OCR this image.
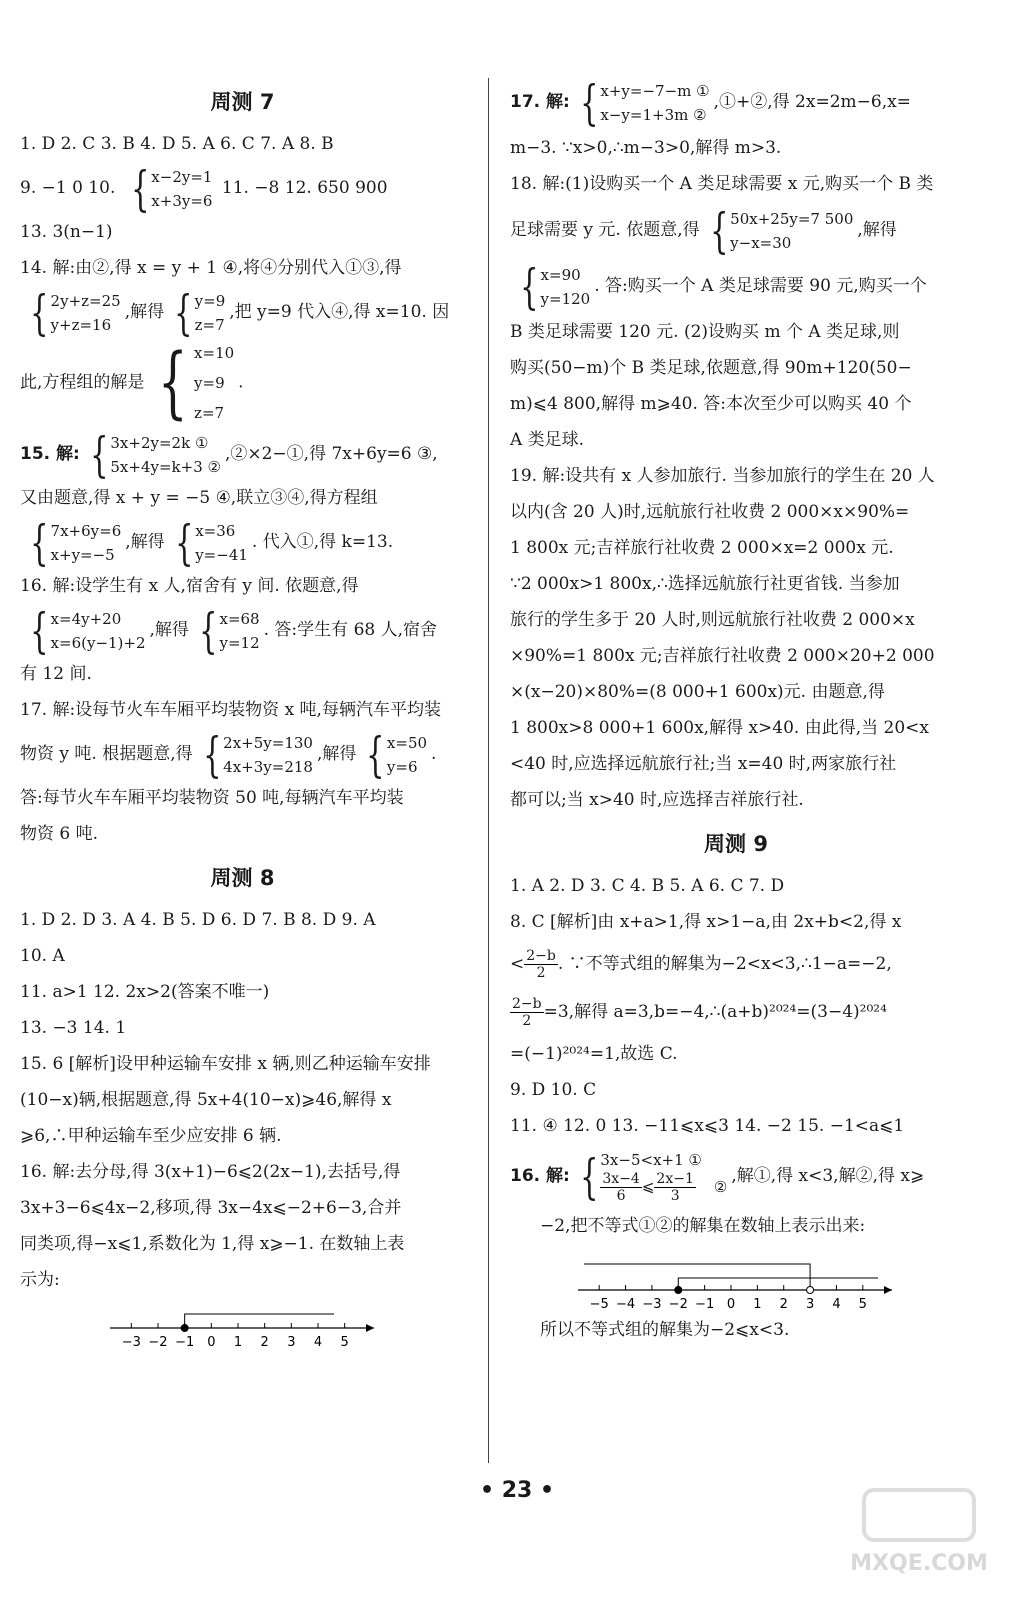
周测 7

1. D 2. C 3. B 4. D 5. A 6. C 7. A 8. B

9. −1 0 10. { x−2y=1
x+3y=6
11. −8 12. 650 900

13. 3(n−1)

14. 解:由②,得 x = y + 1 ④,将④分别代入①③,得

{ 2y+z=25
y+z=16
,解得 { y=9
z=7
,把 y=9 代入④,得 x=10. 因

此,方程组的解是 { x=10
y=9
z=7
.

15. 解: { 3x+2y=2k ①
5x+4y=k+3 ②
,②×2−①,得 7x+6y=6 ③,

又由题意,得 x + y = −5 ④,联立③④,得方程组

{ 7x+6y=6
x+y=−5
,解得 { x=36
y=−41
. 代入①,得 k=13.

16. 解:设学生有 x 人,宿舍有 y 间. 依题意,得

{ x=4y+20
x=6(y−1)+2
,解得 { x=68
y=12
. 答:学生有 68 人,宿舍

有 12 间.

17. 解:设每节火车车厢平均装物资 x 吨,每辆汽车平均装

物资 y 吨. 根据题意,得 { 2x+5y=130
4x+3y=218
,解得 { x=50
y=6
.

答:每节火车车厢平均装物资 50 吨,每辆汽车平均装

物资 6 吨.

周测 8

1. D 2. D 3. A 4. B 5. D 6. D 7. B 8. D 9. A

10. A

11. a>1 12. 2x>2(答案不唯一)

13. −3 14. 1

15. 6 [解析]设甲种运输车安排 x 辆,则乙种运输车安排

(10−x)辆,根据题意,得 5x+4(10−x)⩾46,解得 x

⩾6,∴甲种运输车至少应安排 6 辆.

16. 解:去分母,得 3(x+1)−6⩽2(2x−1),去括号,得

3x+3−6⩽4x−2,移项,得 3x−4x⩽−2+6−3,合并

同类项,得−x⩽1,系数化为 1,得 x⩾−1. 在数轴上表

示为:

−3 −2 −1 0 1 2 3 4 5

17. 解: { x+y=−7−m ①
x−y=1+3m ②
,①+②,得 2x=2m−6,x=

m−3. ∵x>0,∴m−3>0,解得 m>3.

18. 解:(1)设购买一个 A 类足球需要 x 元,购买一个 B 类

足球需要 y 元. 依题意,得 { 50x+25y=7 500
y−x=30
,解得

{ x=90
y=120
. 答:购买一个 A 类足球需要 90 元,购买一个

B 类足球需要 120 元. (2)设购买 m 个 A 类足球,则

购买(50−m)个 B 类足球,依题意,得 90m+120(50−

m)⩽4 800,解得 m⩾40. 答:本次至少可以购买 40 个

A 类足球.

19. 解:设共有 x 人参加旅行. 当参加旅行的学生在 20 人

以内(含 20 人)时,远航旅行社收费 2 000×x×90%=

1 800x 元;吉祥旅行社收费 2 000×x=2 000x 元.

∵2 000x>1 800x,∴选择远航旅行社更省钱. 当参加

旅行的学生多于 20 人时,则远航旅行社收费 2 000×x

×90%=1 800x 元;吉祥旅行社收费 2 000×20+2 000

×(x−20)×80%=(8 000+1 600x)元. 由题意,得

1 800x>8 000+1 600x,解得 x>40. 由此得,当 20<x

<40 时,应选择远航旅行社;当 x=40 时,两家旅行社

都可以;当 x>40 时,应选择吉祥旅行社.

周测 9

1. A 2. D 3. C 4. B 5. A 6. C 7. D

8. C [解析]由 x+a>1,得 x>1−a,由 2x+b<2,得 x

< $\frac{2-b}{2}$ . ∵不等式组的解集为−2<x<3,∴1−a=−2,

$\frac{2-b}{2} =3$,解得 a=3,b=−4,∴(a+b)²⁰²⁴=(3−4)²⁰²⁴

=(−1)²⁰²⁴=1,故选 C.

9. D 10. C

11. ④ 12. 0 13. −11⩽x⩽3 14. −2 15. −1<a⩽1

16. 解: { 3x−5<x+1 ①
$\frac{3x-4}{6}$ ⩽ $\frac{2x-1}{3}$ ②
,解①,得 x<3,解②,得 x⩾

−2,把不等式①②的解集在数轴上表示出来:

−5 −4 −3 −2 −1 0 1 2 3 4 5

所以不等式组的解集为−2⩽x<3.

• 23 •
MXQE.COM
